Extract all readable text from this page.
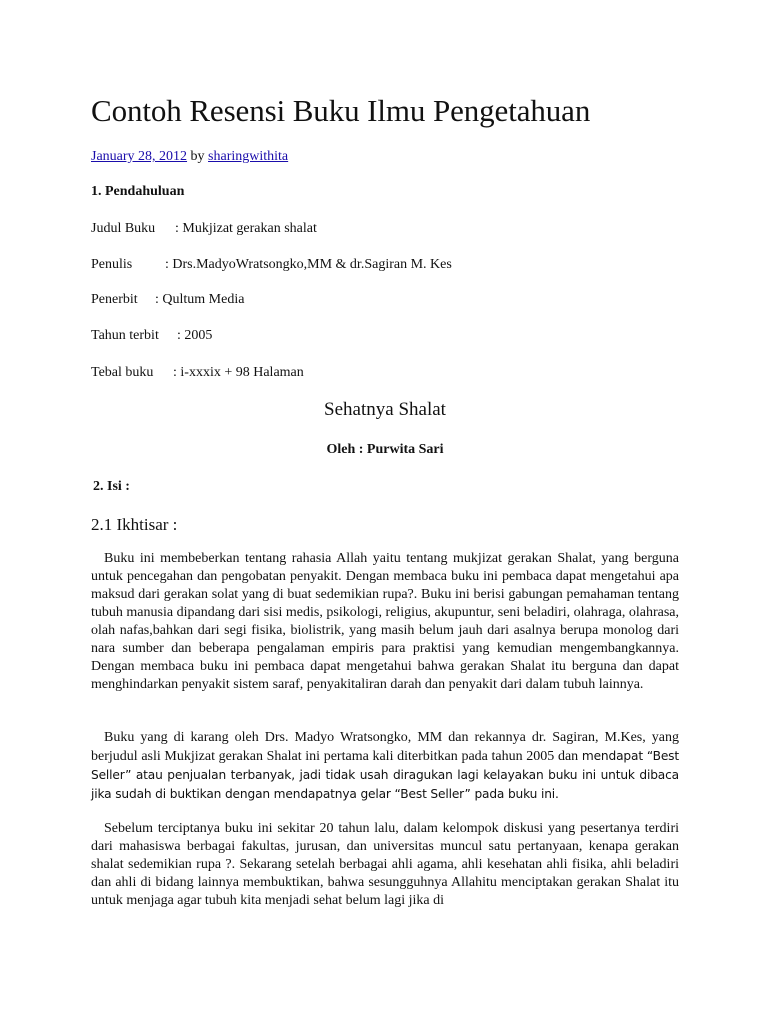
Contoh Resensi Buku Ilmu Pengetahuan
January 28, 2012 by sharingwithita
1. Pendahuluan
Judul Buku : Mukjizat gerakan shalat
Penulis : Drs.MadyoWratsongko,MM & dr.Sagiran M. Kes
Penerbit : Qultum Media
Tahun terbit : 2005
Tebal buku : i-xxxix + 98 Halaman
Sehatnya Shalat
Oleh : Purwita Sari
2. Isi :
2.1 Ikhtisar :

Buku ini membeberkan tentang rahasia Allah yaitu tentang mukjizat gerakan Shalat, yang berguna untuk pencegahan dan pengobatan penyakit. Dengan membaca buku ini pembaca dapat mengetahui apa maksud dari gerakan solat yang di buat sedemikian rupa?. Buku ini berisi gabungan pemahaman tentang tubuh manusia dipandang dari sisi medis, psikologi, religius, akupuntur, seni beladiri, olahraga, olahrasa, olah nafas,bahkan dari segi fisika, biolistrik, yang masih belum jauh dari asalnya berupa monolog dari nara sumber dan beberapa pengalaman empiris para praktisi yang kemudian mengembangkannya. Dengan membaca buku ini pembaca dapat mengetahui bahwa gerakan Shalat itu berguna dan dapat menghindarkan penyakit sistem saraf, penyakitaliran darah dan penyakit dari dalam tubuh lainnya.

Buku yang di karang oleh Drs. Madyo Wratsongko, MM dan rekannya dr. Sagiran, M.Kes, yang berjudul asli Mukjizat gerakan Shalat ini pertama kali diterbitkan pada tahun 2005 dan mendapat “Best Seller” atau penjualan terbanyak, jadi tidak usah diragukan lagi kelayakan buku ini untuk dibaca jika sudah di buktikan dengan mendapatnya gelar “Best Seller” pada buku ini.

Sebelum terciptanya buku ini sekitar 20 tahun lalu, dalam kelompok diskusi yang pesertanya terdiri dari mahasiswa berbagai fakultas, jurusan, dan universitas muncul satu pertanyaan, kenapa gerakan shalat sedemikian rupa ?. Sekarang setelah berbagai ahli agama, ahli kesehatan ahli fisika, ahli beladiri dan ahli di bidang lainnya membuktikan, bahwa sesungguhnya Allahitu menciptakan gerakan Shalat itu untuk menjaga agar tubuh kita menjadi sehat belum lagi jika di
